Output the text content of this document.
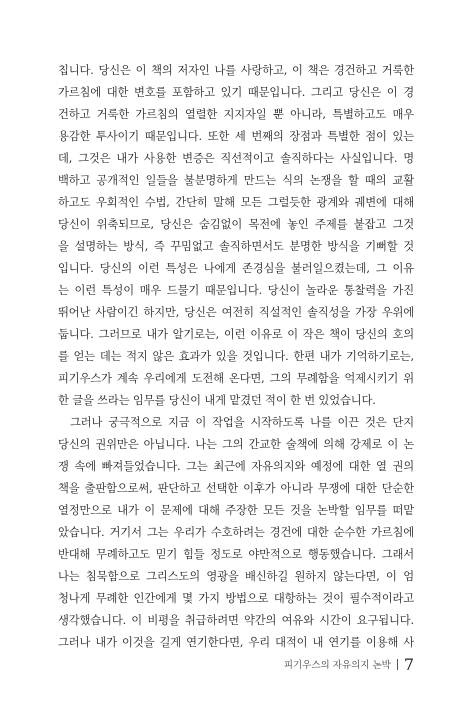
칩니다. 당신은 이 책의 저자인 나를 사랑하고, 이 책은 경건하고 거룩한
가르침에 대한 변호를 포함하고 있기 때문입니다. 그리고 당신은 이 경
건하고 거룩한 가르침의 열렬한 지지자일 뿐 아니라, 특별하고도 매우
용감한 투사이기 때문입니다. 또한 세 번째의 장점과 특별한 점이 있는
데, 그것은 내가 사용한 변증은 직선적이고 솔직하다는 사실입니다. 명
백하고 공개적인 일들을 불분명하게 만드는 식의 논쟁을 할 때의 교활
하고도 우회적인 수법, 간단히 말해 모든 그럴듯한 광계와 궤변에 대해
당신이 위축되므로, 당신은 숨김없이 목전에 놓인 주제를 붙잡고 그것
을 설명하는 방식, 즉 꾸밈없고 솔직하면서도 분명한 방식을 기뻐할 것
입니다. 당신의 이런 특성은 나에게 존경심을 불러일으켰는데, 그 이유
는 이런 특성이 매우 드물기 때문입니다. 당신이 놀라운 통찰력을 가진
뛰어난 사람이긴 하지만, 당신은 여전히 직설적인 솔직성을 가장 우위에
둡니다. 그러므로 내가 알기로는, 이런 이유로 이 작은 책이 당신의 호의
를 얻는 데는 적지 않은 효과가 있을 것입니다. 한편 내가 기억하기로는,
피기우스가 계속 우리에게 도전해 온다면, 그의 무례함을 억제시키기 위
한 글을 쓰라는 임무를 당신이 내게 맡겼던 적이 한 번 있었습니다.
그러나 궁극적으로 지금 이 작업을 시작하도록 나를 이끈 것은 단지
당신의 권위만은 아닙니다. 나는 그의 간교한 술책에 의해 강제로 이 논
쟁 속에 빠져들었습니다. 그는 최근에 자유의지와 예정에 대한 열 권의
책을 출판함으로써, 판단하고 선택한 이후가 아니라 무쟁에 대한 단순한
열정만으로 내가 이 문제에 대해 주장한 모든 것을 논박할 임무를 떠맡
았습니다. 거기서 그는 우리가 수호하려는 경건에 대한 순수한 가르침에
반대해 무례하고도 믿기 힘들 정도로 야만적으로 행동했습니다. 그래서
나는 침묵함으로 그리스도의 영광을 배신하길 원하지 않는다면, 이 엄
청나게 무례한 인간에게 몇 가지 방법으로 대항하는 것이 필수적이라고
생각했습니다. 이 비평을 취급하려면 약간의 여유와 시간이 요구됩니다.
그러나 내가 이것을 길게 연기한다면, 우리 대적이 내 연기를 이용해 사
피기우스의 자유의지 논박 7
